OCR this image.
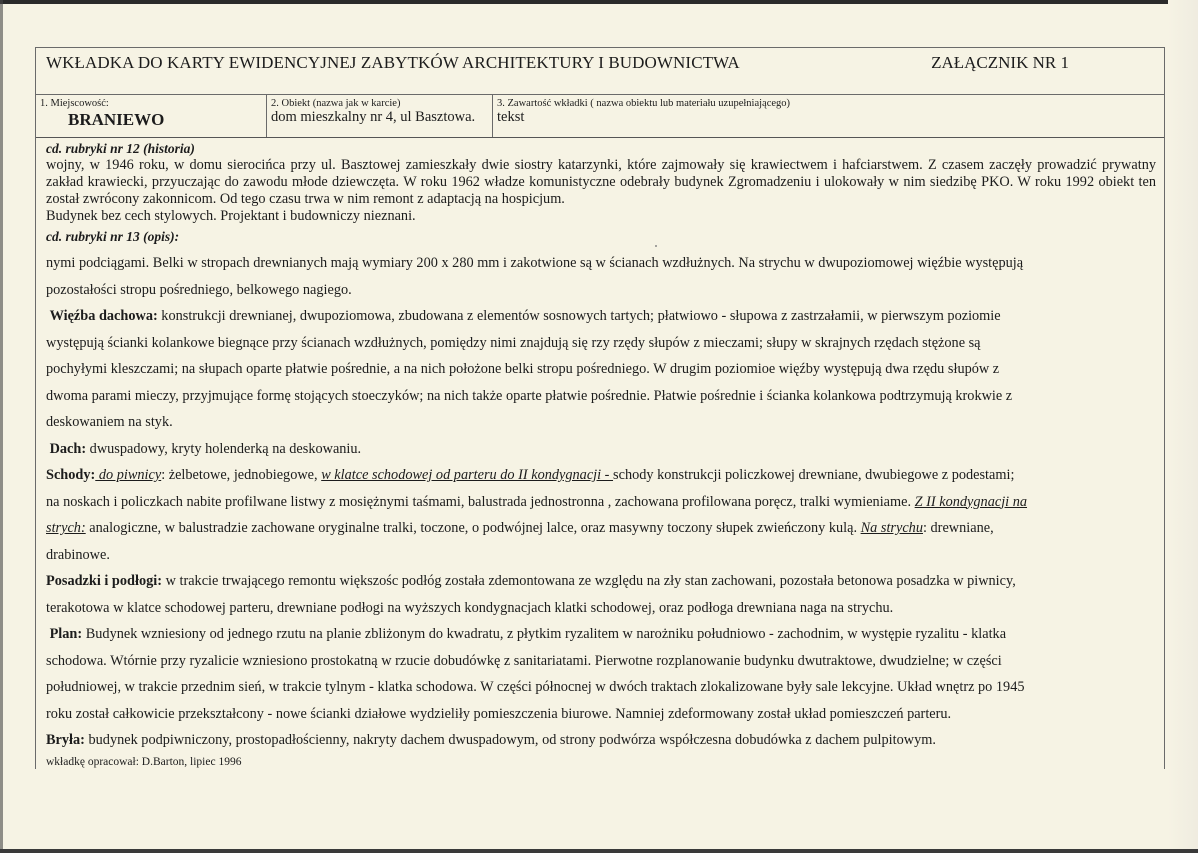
WKŁADKA DO KARTY EWIDENCYJNEJ ZABYTKÓW ARCHITEKTURY I BUDOWNICTWA	ZAŁĄCZNIK NR 1
1. Miejscowość:
BRANIEWO
2. Obiekt (nazwa jak w karcie)
dom mieszkalny nr 4, ul Basztowa.
3. Zawartość wkładki ( nazwa obiektu lub materiału uzupełniającego)
tekst
cd. rubryki nr 12 (historia)

wojny, w 1946 roku, w domu sierocińca przy ul. Basztowej zamieszkały dwie siostry katarzynki, które zajmowały się krawiectwem i hafciarstwem. Z czasem zaczęły prowadzić prywatny zakład krawiecki, przyuczając do zawodu młode dziewczęta. W roku 1962 władze komunistyczne odebrały budynek Zgromadzeniu i ulokowały w nim siedzibę PKO. W roku 1992 obiekt ten został zwrócony zakonnicom. Od tego czasu trwa w nim remont z adaptacją na hospicjum.

Budynek bez cech stylowych. Projektant i budowniczy nieznani.

cd. rubryki nr 13 (opis):

nymi podciągami. Belki w stropach drewnianych mają wymiary 200 x 280 mm i zakotwione są w ścianach wzdłużnych. Na strychu w dwupoziomowej więźbie występują

pozostałości stropu pośredniego, belkowego nagiego.

Więźba dachowa: konstrukcji drewnianej, dwupoziomowa, zbudowana z elementów sosnowych tartych; płatwiowo - słupowa z zastrzałamii, w pierwszym poziomie

występują ścianki kolankowe biegnące przy ścianach wzdłużnych, pomiędzy nimi znajdują się rzy rzędy słupów z mieczami; słupy w skrajnych rzędach stężone są

pochyłymi kleszczami; na słupach oparte płatwie pośrednie, a na nich położone belki stropu pośredniego. W drugim poziomioe więźby występują dwa rzędu słupów z

dwoma parami mieczy, przyjmujące formę stojących stoeczyków; na nich także oparte płatwie pośrednie. Płatwie pośrednie i ścianka kolankowa podtrzymują krokwie z

deskowaniem na styk.

Dach: dwuspadowy, kryty holenderką na deskowaniu.

Schody: do piwnicy: żelbetowe, jednobiegowe, w klatce schodowej od parteru do II kondygnacji - schody konstrukcji policzkowej drewniane, dwubiegowe z podestami;

na noskach i policzkach nabite profilwane listwy z mosiężnymi taśmami, balustrada jednostronna , zachowana profilowana poręcz, tralki wymieniame. Z II kondygnacji na

strych: analogiczne, w balustradzie zachowane oryginalne tralki, toczone, o podwójnej lalce, oraz masywny toczony słupek zwieńczony kulą. Na strychu: drewniane,

drabinowe.

Posadzki i podłogi: w trakcie trwającego remontu większośc podłóg została zdemontowana ze względu na zły stan zachowani, pozostała betonowa posadzka w piwnicy,

terakotowa w klatce schodowej parteru, drewniane podłogi na wyższych kondygnacjach klatki schodowej, oraz podłoga drewniana naga na strychu.

Plan: Budynek wzniesiony od jednego rzutu na planie zbliżonym do kwadratu, z płytkim ryzalitem w narożniku południowo - zachodnim, w występie ryzalitu - klatka

schodowa. Wtórnie przy ryzalicie wzniesiono prostokatną w rzucie dobudówkę z sanitariatami. Pierwotne rozplanowanie budynku dwutraktowe, dwudzielne; w części

południowej, w trakcie przednim sień, w trakcie tylnym - klatka schodowa. W części północnej w dwóch traktach zlokalizowane były sale lekcyjne. Układ wnętrz po 1945

roku został całkowicie przekształcony - nowe ścianki działowe wydzieliły pomieszczenia biurowe. Namniej zdeformowany został układ pomieszczeń parteru.

Bryła: budynek podpiwniczony, prostopadłościenny, nakryty dachem dwuspadowym, od strony podwórza współczesna dobudówka z dachem pulpitowym.

wkładkę opracował: D.Barton, lipiec 1996
